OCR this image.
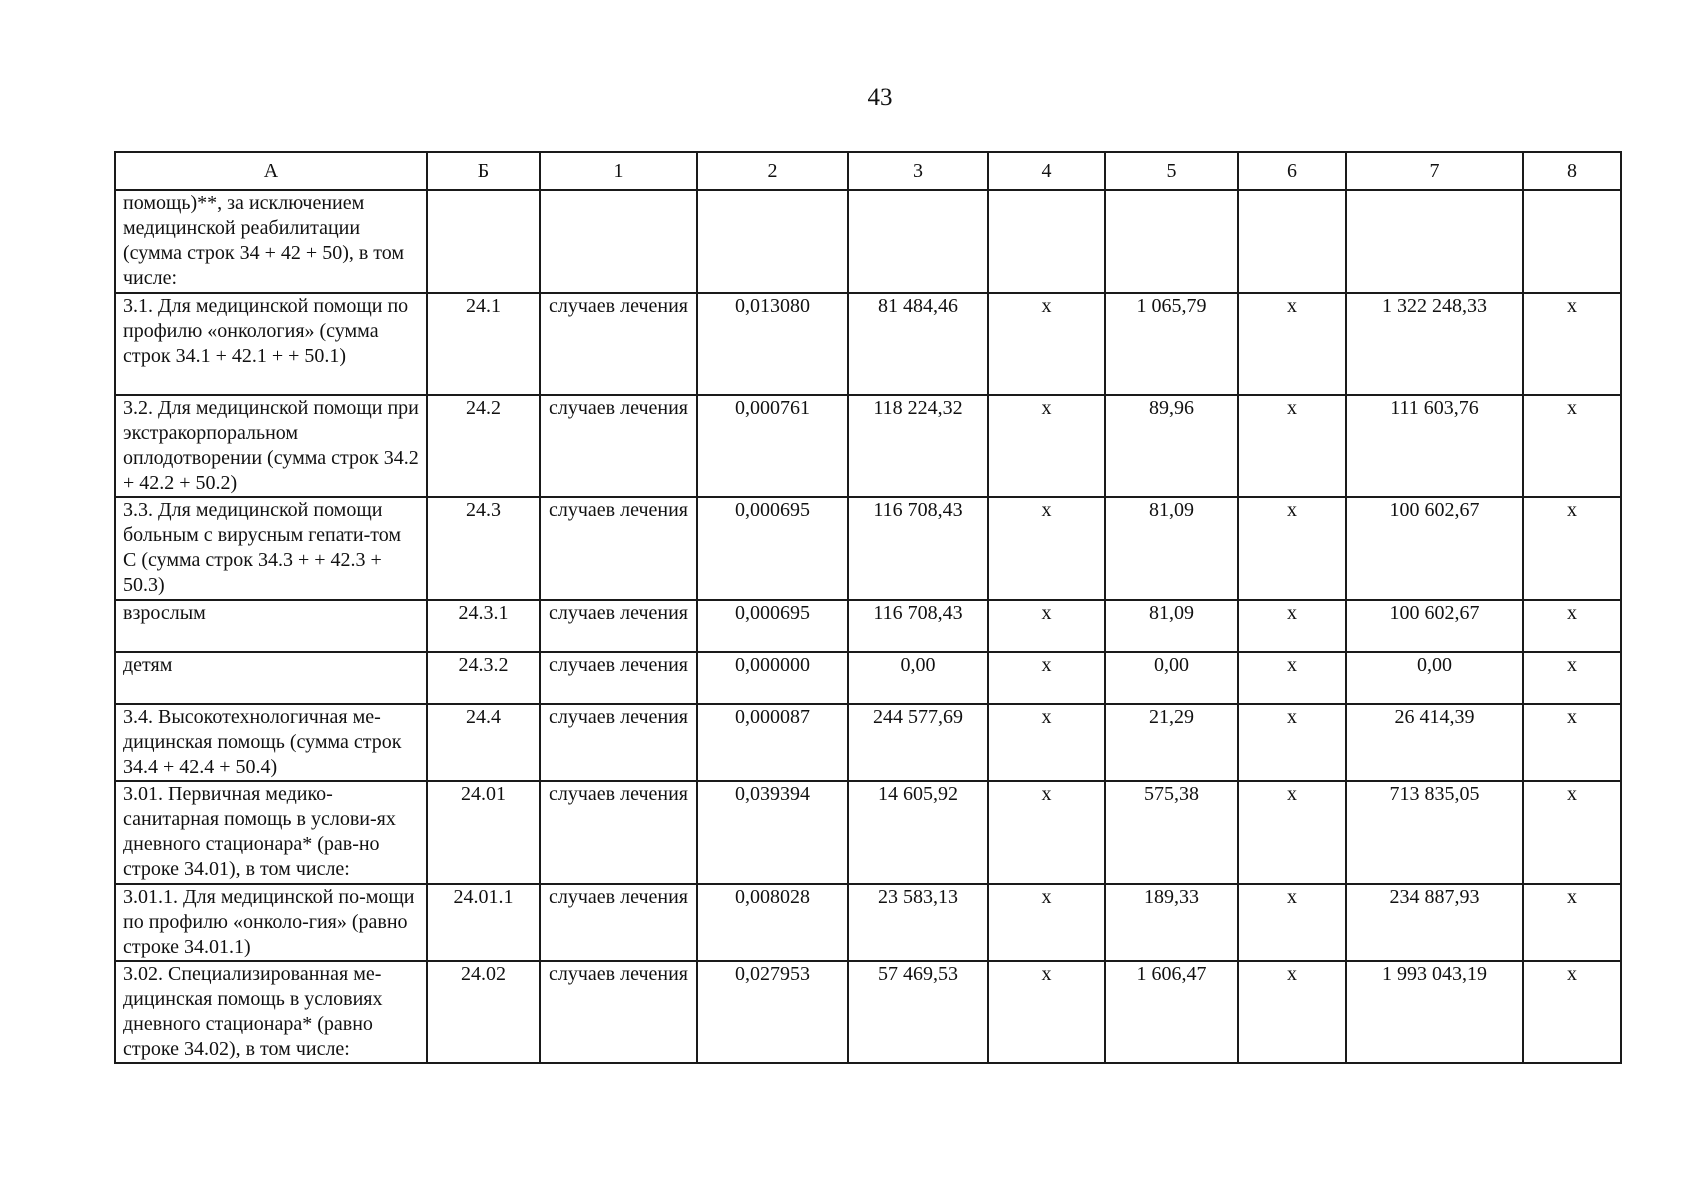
43
А	Б	1	2	3	4	5	6	7	8
помощь)**, за исключением медицинской реабилитации (сумма строк 34 + 42 + 50), в том числе:									
3.1. Для медицинской помощи по профилю «онкология» (сумма строк 34.1 + 42.1 + + 50.1)	24.1	случаев лечения	0,013080	81 484,46	х	1 065,79	х	1 322 248,33	х
3.2. Для медицинской помощи при экстракорпоральном оплодотворении (сумма строк 34.2 + 42.2 + 50.2)	24.2	случаев лечения	0,000761	118 224,32	х	89,96	х	111 603,76	х
3.3. Для медицинской помощи больным с вирусным гепати-том С (сумма строк 34.3 + + 42.3 + 50.3)	24.3	случаев лечения	0,000695	116 708,43	х	81,09	х	100 602,67	х
взрослым	24.3.1	случаев лечения	0,000695	116 708,43	х	81,09	х	100 602,67	х
детям	24.3.2	случаев лечения	0,000000	0,00	х	0,00	х	0,00	х
3.4. Высокотехнологичная ме-дицинская помощь (сумма строк 34.4 + 42.4 + 50.4)	24.4	случаев лечения	0,000087	244 577,69	х	21,29	х	26 414,39	х
3.01. Первичная медико-санитарная помощь в услови-ях дневного стационара* (рав-но строке 34.01), в том числе:	24.01	случаев лечения	0,039394	14 605,92	х	575,38	х	713 835,05	х
3.01.1. Для медицинской по-мощи по профилю «онколо-гия» (равно строке 34.01.1)	24.01.1	случаев лечения	0,008028	23 583,13	х	189,33	х	234 887,93	х
3.02. Специализированная ме-дицинская помощь в условиях дневного стационара* (равно строке 34.02), в том числе:	24.02	случаев лечения	0,027953	57 469,53	х	1 606,47	х	1 993 043,19	х
